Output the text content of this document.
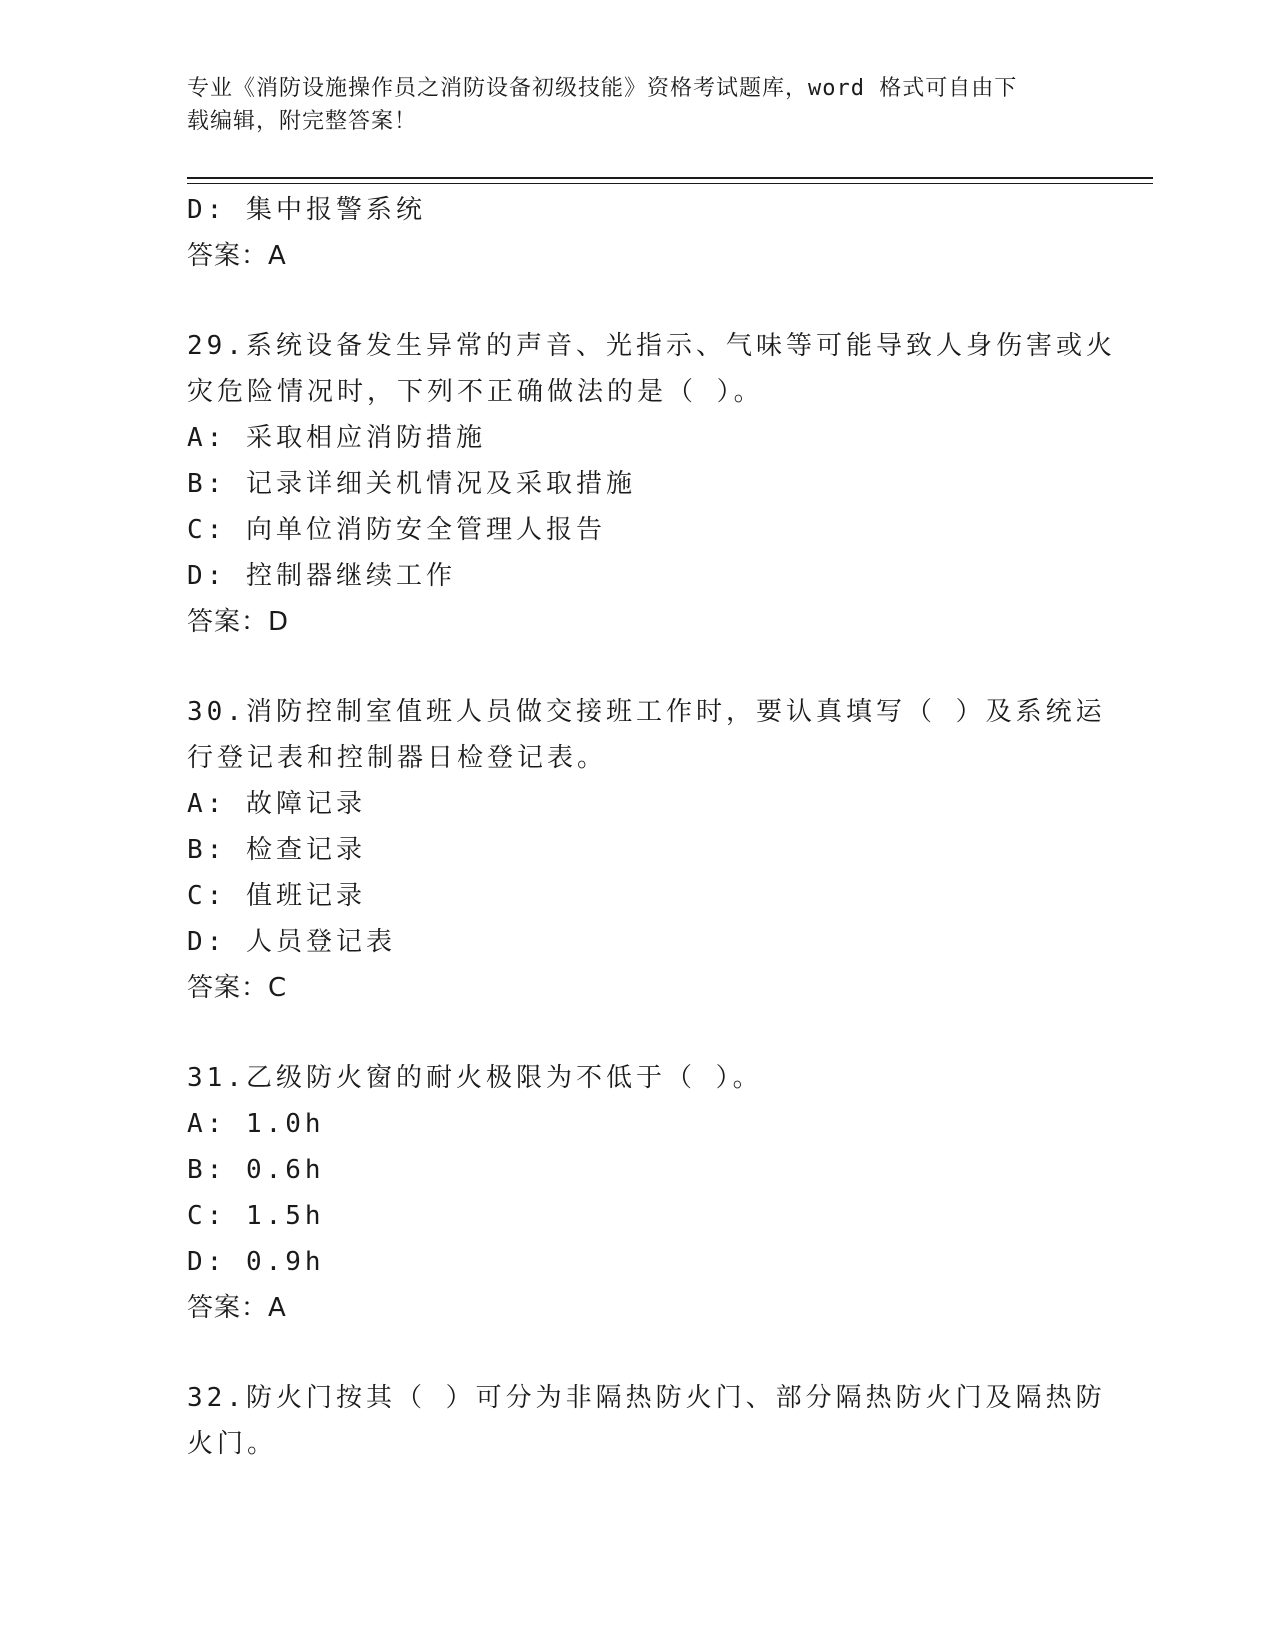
专业《消防设施操作员之消防设备初级技能》资格考试题库，word 格式可自由下
载编辑，附完整答案！
D: 集中报警系统
答案：A
29.系统设备发生异常的声音、光指示、气味等可能导致人身伤害或火
灾危险情况时，下列不正确做法的是（ ）。
A: 采取相应消防措施
B: 记录详细关机情况及采取措施
C: 向单位消防安全管理人报告
D: 控制器继续工作
答案：D
30.消防控制室值班人员做交接班工作时，要认真填写（ ）及系统运
行登记表和控制器日检登记表。
A: 故障记录
B: 检查记录
C: 值班记录
D: 人员登记表
答案：C
31.乙级防火窗的耐火极限为不低于（ ）。
A: 1.0h
B: 0.6h
C: 1.5h
D: 0.9h
答案：A
32.防火门按其（ ）可分为非隔热防火门、部分隔热防火门及隔热防
火门。
